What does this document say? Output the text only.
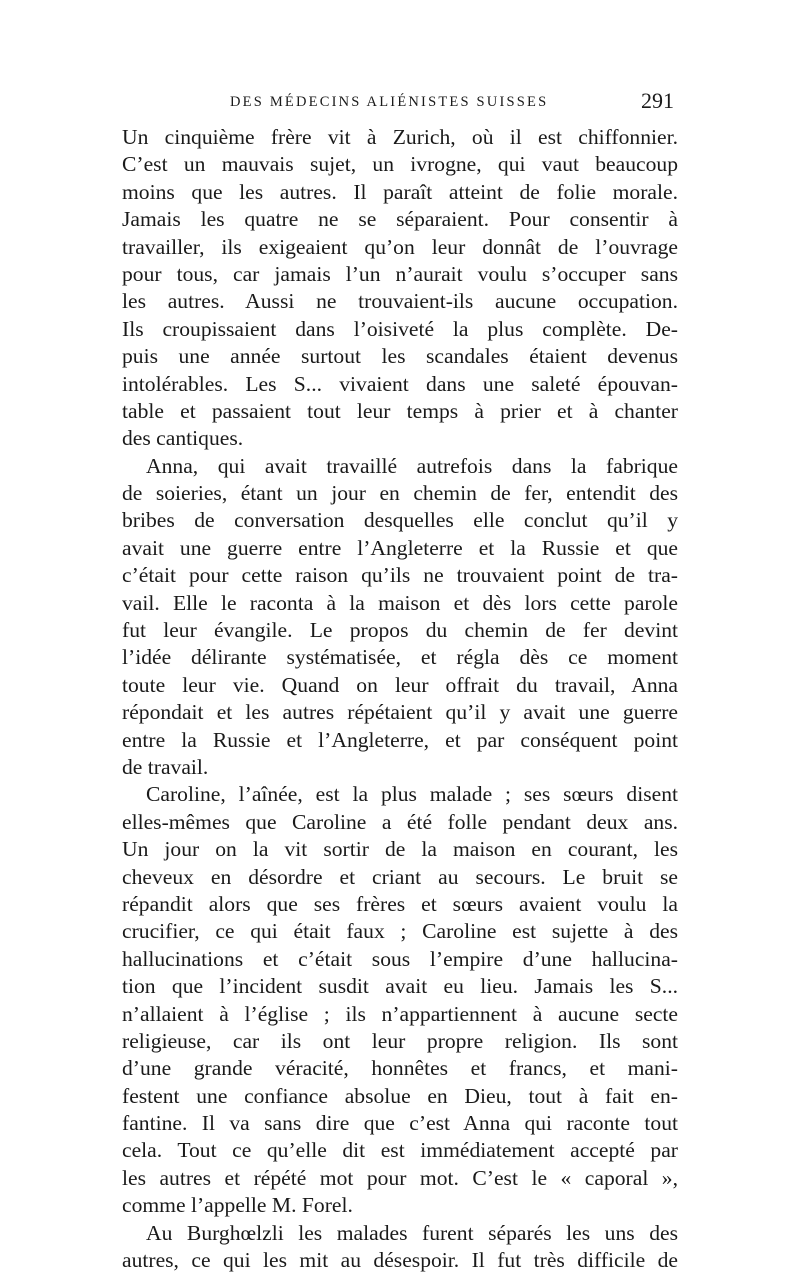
DES MÉDECINS ALIÉNISTES SUISSES	291
Un cinquième frère vit à Zurich, où il est chiffonnier.
C’est un mauvais sujet, un ivrogne, qui vaut beaucoup
moins que les autres. Il paraît atteint de folie morale.
Jamais les quatre ne se séparaient. Pour consentir à
travailler, ils exigeaient qu’on leur donnât de l’ouvrage
pour tous, car jamais l’un n’aurait voulu s’occuper sans
les autres. Aussi ne trouvaient-ils aucune occupation.
Ils croupissaient dans l’oisiveté la plus complète. De-
puis une année surtout les scandales étaient devenus
intolérables. Les S... vivaient dans une saleté épouvan-
table et passaient tout leur temps à prier et à chanter
des cantiques.
Anna, qui avait travaillé autrefois dans la fabrique
de soieries, étant un jour en chemin de fer, entendit des
bribes de conversation desquelles elle conclut qu’il y
avait une guerre entre l’Angleterre et la Russie et que
c’était pour cette raison qu’ils ne trouvaient point de tra-
vail. Elle le raconta à la maison et dès lors cette parole
fut leur évangile. Le propos du chemin de fer devint
l’idée délirante systématisée, et régla dès ce moment
toute leur vie. Quand on leur offrait du travail, Anna
répondait et les autres répétaient qu’il y avait une guerre
entre la Russie et l’Angleterre, et par conséquent point
de travail.
Caroline, l’aînée, est la plus malade ; ses sœurs disent
elles-mêmes que Caroline a été folle pendant deux ans.
Un jour on la vit sortir de la maison en courant, les
cheveux en désordre et criant au secours. Le bruit se
répandit alors que ses frères et sœurs avaient voulu la
crucifier, ce qui était faux ; Caroline est sujette à des
hallucinations et c’était sous l’empire d’une hallucina-
tion que l’incident susdit avait eu lieu. Jamais les S...
n’allaient à l’église ; ils n’appartiennent à aucune secte
religieuse, car ils ont leur propre religion. Ils sont
d’une grande véracité, honnêtes et francs, et mani-
festent une confiance absolue en Dieu, tout à fait en-
fantine. Il va sans dire que c’est Anna qui raconte tout
cela. Tout ce qu’elle dit est immédiatement accepté par
les autres et répété mot pour mot. C’est le « caporal »,
comme l’appelle M. Forel.
Au Burghœlzli les malades furent séparés les uns des
autres, ce qui les mit au désespoir. Il fut très difficile de
